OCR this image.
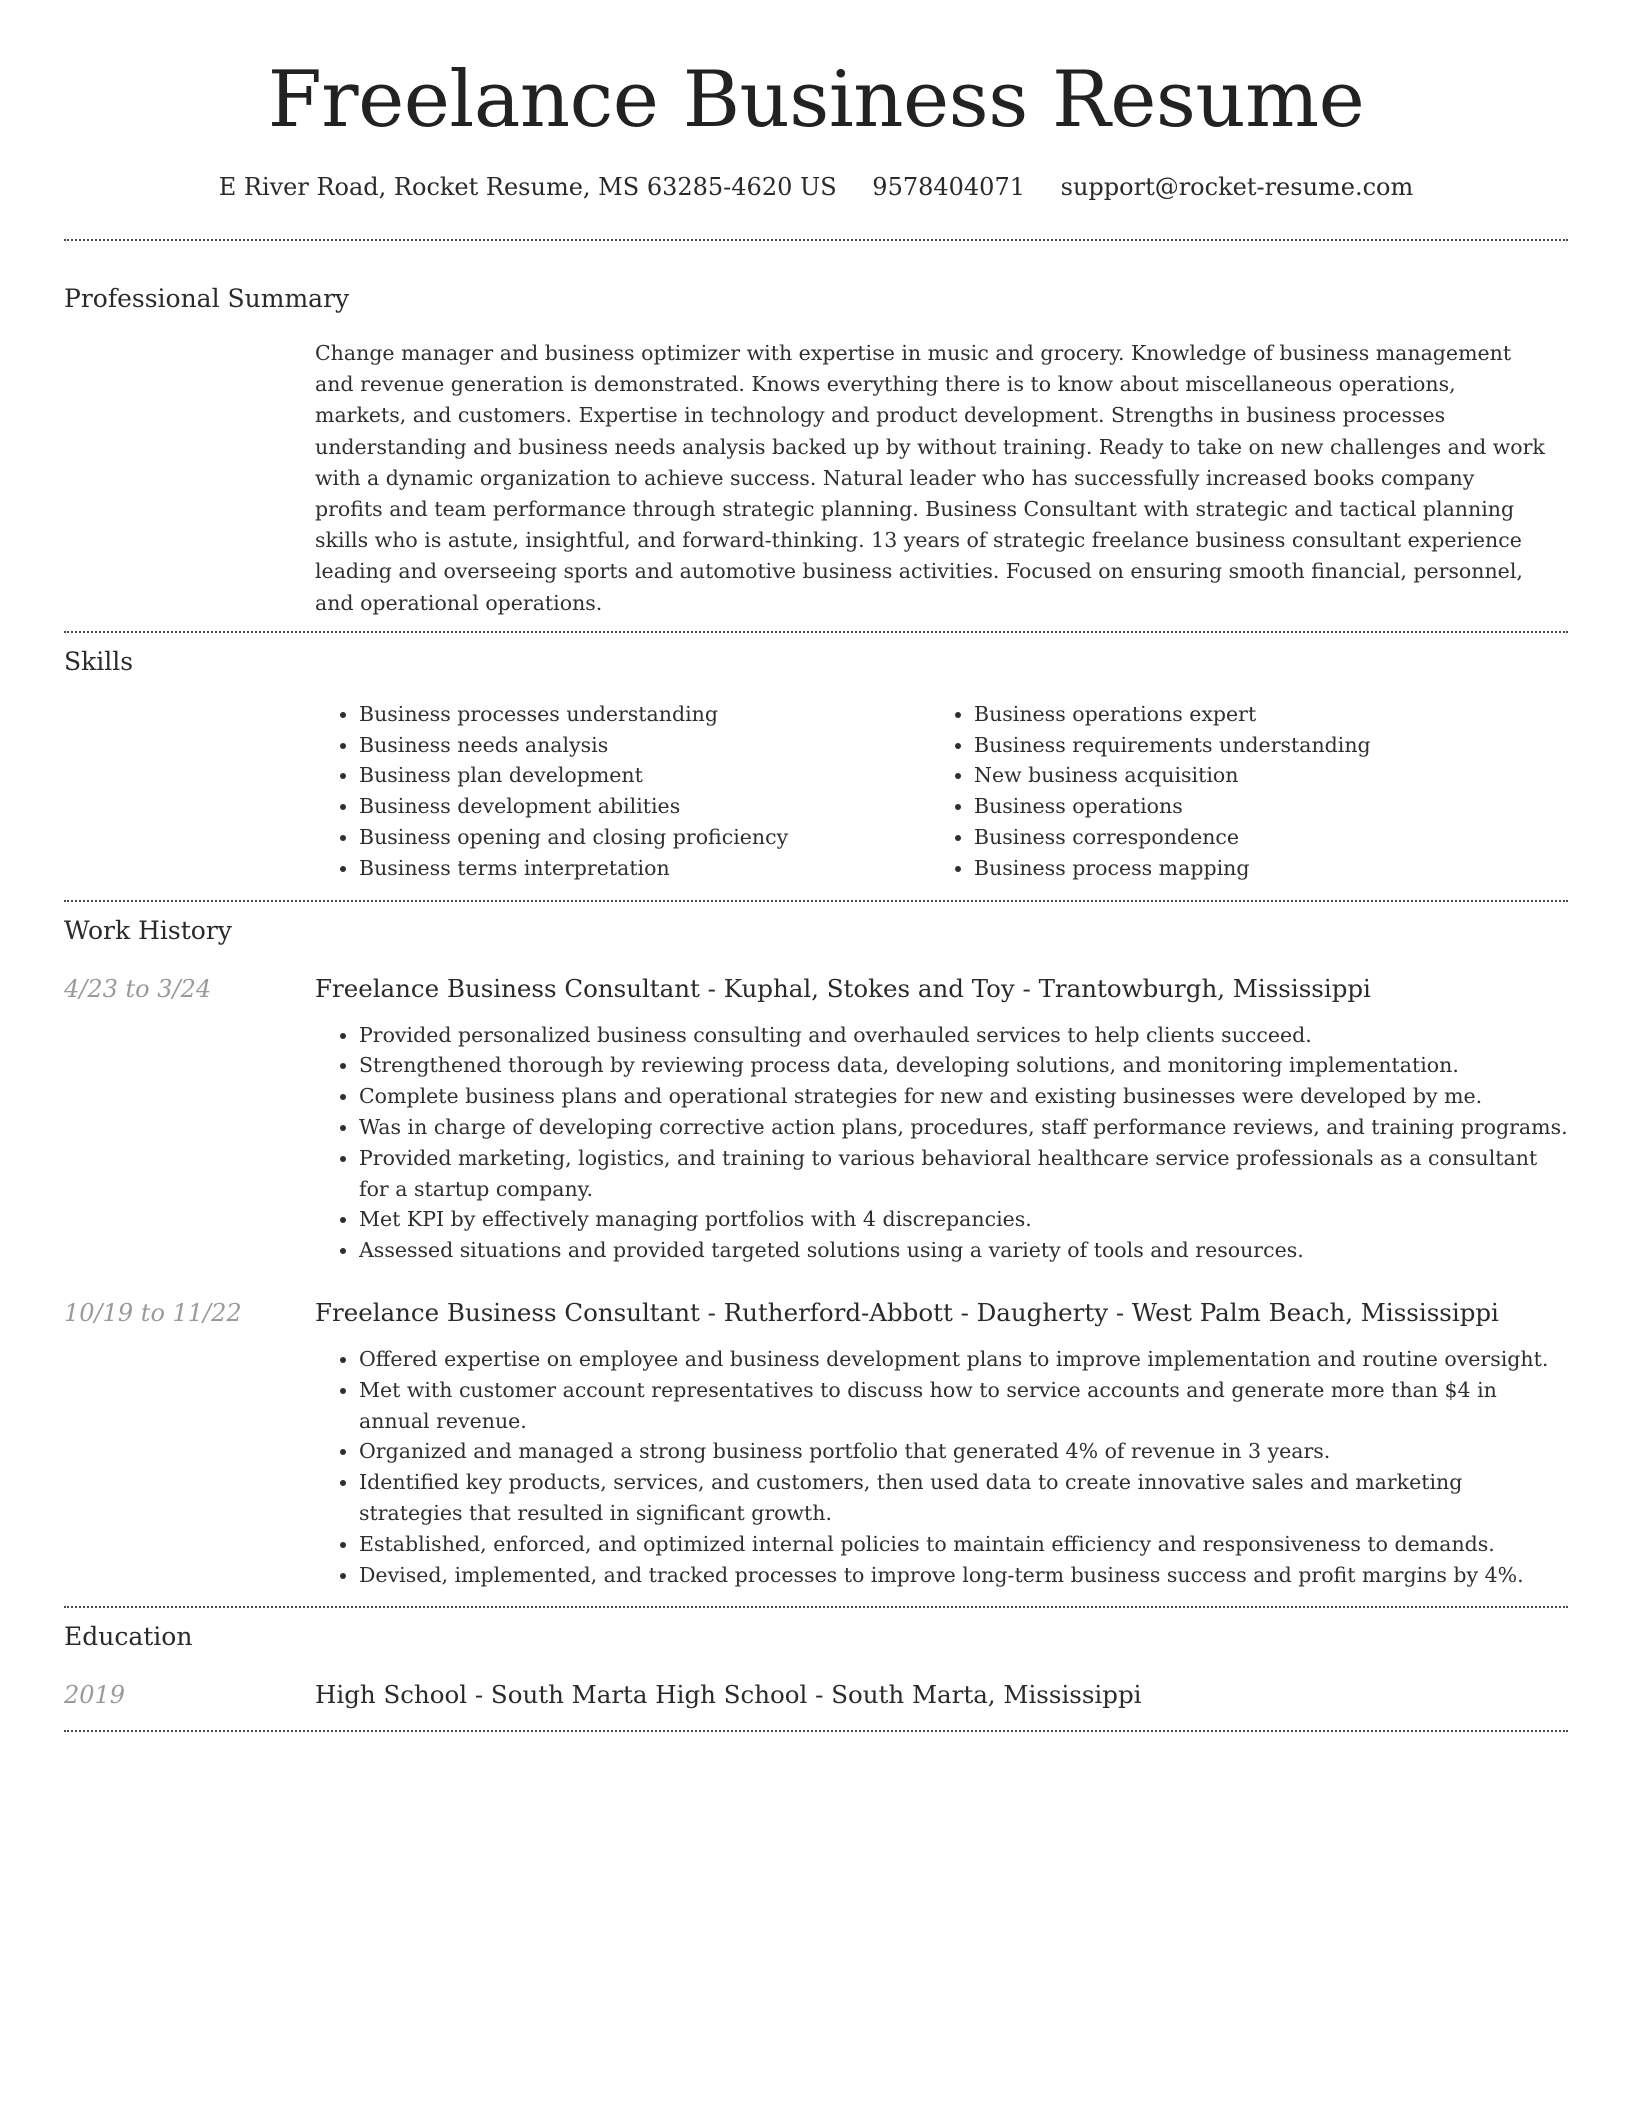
Freelance Business Resume
E River Road, Rocket Resume, MS 63285-4620 US 9578404071 support@rocket-resume.com
Professional Summary

Change manager and business optimizer with expertise in music and grocery. Knowledge of business management and revenue generation is demonstrated. Knows everything there is to know about miscellaneous operations, markets, and customers. Expertise in technology and product development. Strengths in business processes understanding and business needs analysis backed up by without training. Ready to take on new challenges and work with a dynamic organization to achieve success. Natural leader who has successfully increased books company profits and team performance through strategic planning. Business Consultant with strategic and tactical planning skills who is astute, insightful, and forward-thinking. 13 years of strategic freelance business consultant experience leading and overseeing sports and automotive business activities. Focused on ensuring smooth financial, personnel, and operational operations.

Skills
• Business processes understanding
• Business needs analysis
• Business plan development
• Business development abilities
• Business opening and closing proficiency
• Business terms interpretation
• Business operations expert
• Business requirements understanding
• New business acquisition
• Business operations
• Business correspondence
• Business process mapping
Work History
4/23 to 3/24	Freelance Business Consultant - Kuphal, Stokes and Toy - Trantowburgh, Mississippi
• Provided personalized business consulting and overhauled services to help clients succeed.
• Strengthened thorough by reviewing process data, developing solutions, and monitoring implementation.
• Complete business plans and operational strategies for new and existing businesses were developed by me.
• Was in charge of developing corrective action plans, procedures, staff performance reviews, and training programs.
• Provided marketing, logistics, and training to various behavioral healthcare service professionals as a consultant for a startup company.
• Met KPI by effectively managing portfolios with 4 discrepancies.
• Assessed situations and provided targeted solutions using a variety of tools and resources.
10/19 to 11/22	Freelance Business Consultant - Rutherford-Abbott - Daugherty - West Palm Beach, Mississippi
• Offered expertise on employee and business development plans to improve implementation and routine oversight.
• Met with customer account representatives to discuss how to service accounts and generate more than $4 in annual revenue.
• Organized and managed a strong business portfolio that generated 4% of revenue in 3 years.
• Identified key products, services, and customers, then used data to create innovative sales and marketing strategies that resulted in significant growth.
• Established, enforced, and optimized internal policies to maintain efficiency and responsiveness to demands.
• Devised, implemented, and tracked processes to improve long-term business success and profit margins by 4%.
Education
2019	High School - South Marta High School - South Marta, Mississippi
